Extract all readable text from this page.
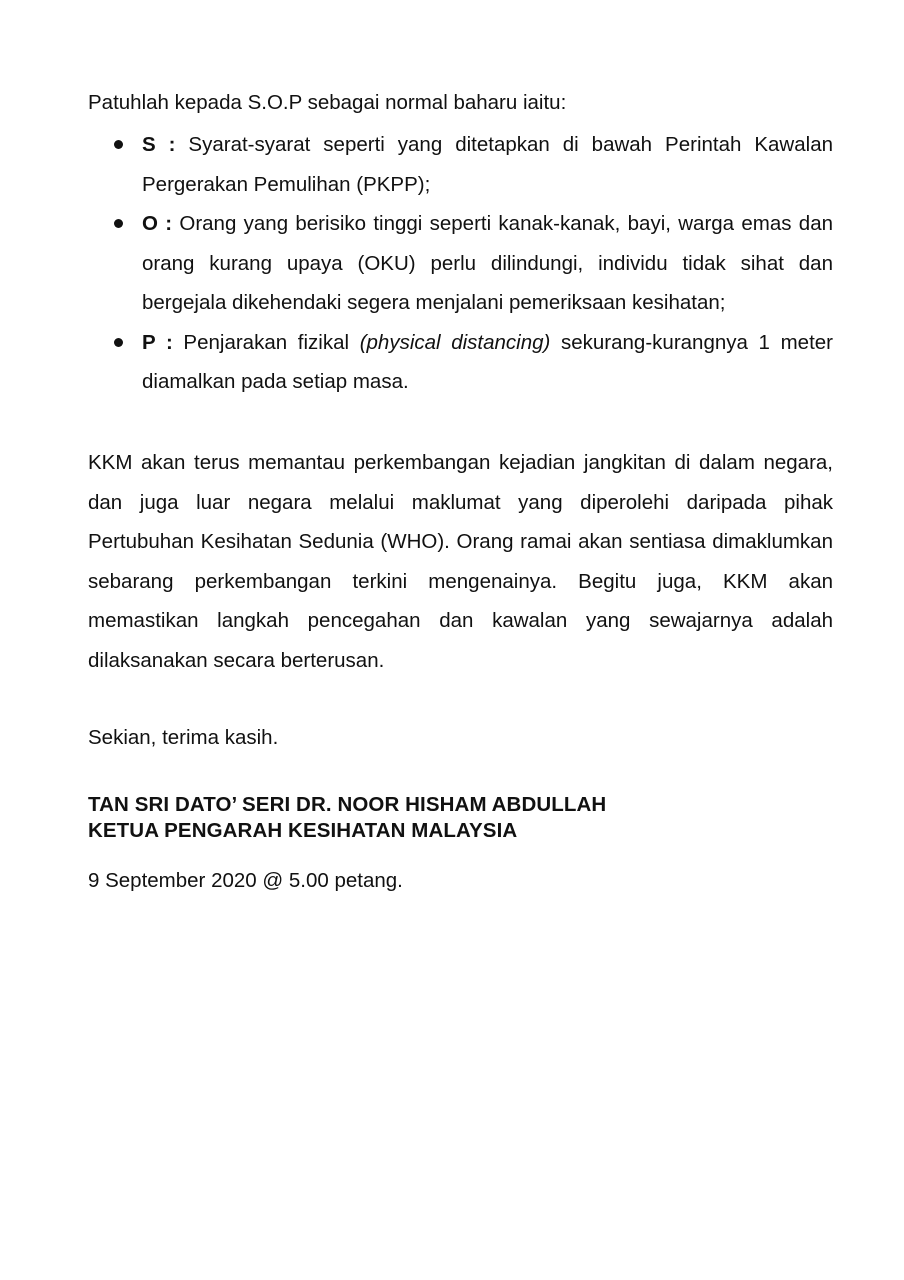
Patuhlah kepada S.O.P sebagai normal baharu iaitu:

S : Syarat-syarat seperti yang ditetapkan di bawah Perintah Kawalan Pergerakan Pemulihan (PKPP);
O : Orang yang berisiko tinggi seperti kanak-kanak, bayi, warga emas dan orang kurang upaya (OKU) perlu dilindungi, individu tidak sihat dan bergejala dikehendaki segera menjalani pemeriksaan kesihatan;
P : Penjarakan fizikal (physical distancing) sekurang-kurangnya 1 meter diamalkan pada setiap masa.

KKM akan terus memantau perkembangan kejadian jangkitan di dalam negara, dan juga luar negara melalui maklumat yang diperolehi daripada pihak Pertubuhan Kesihatan Sedunia (WHO). Orang ramai akan sentiasa dimaklumkan sebarang perkembangan terkini mengenainya. Begitu juga, KKM akan memastikan langkah pencegahan dan kawalan yang sewajarnya adalah dilaksanakan secara berterusan.

Sekian, terima kasih.

TAN SRI DATO’ SERI DR. NOOR HISHAM ABDULLAH
KETUA PENGARAH KESIHATAN MALAYSIA

9 September 2020 @ 5.00 petang.
